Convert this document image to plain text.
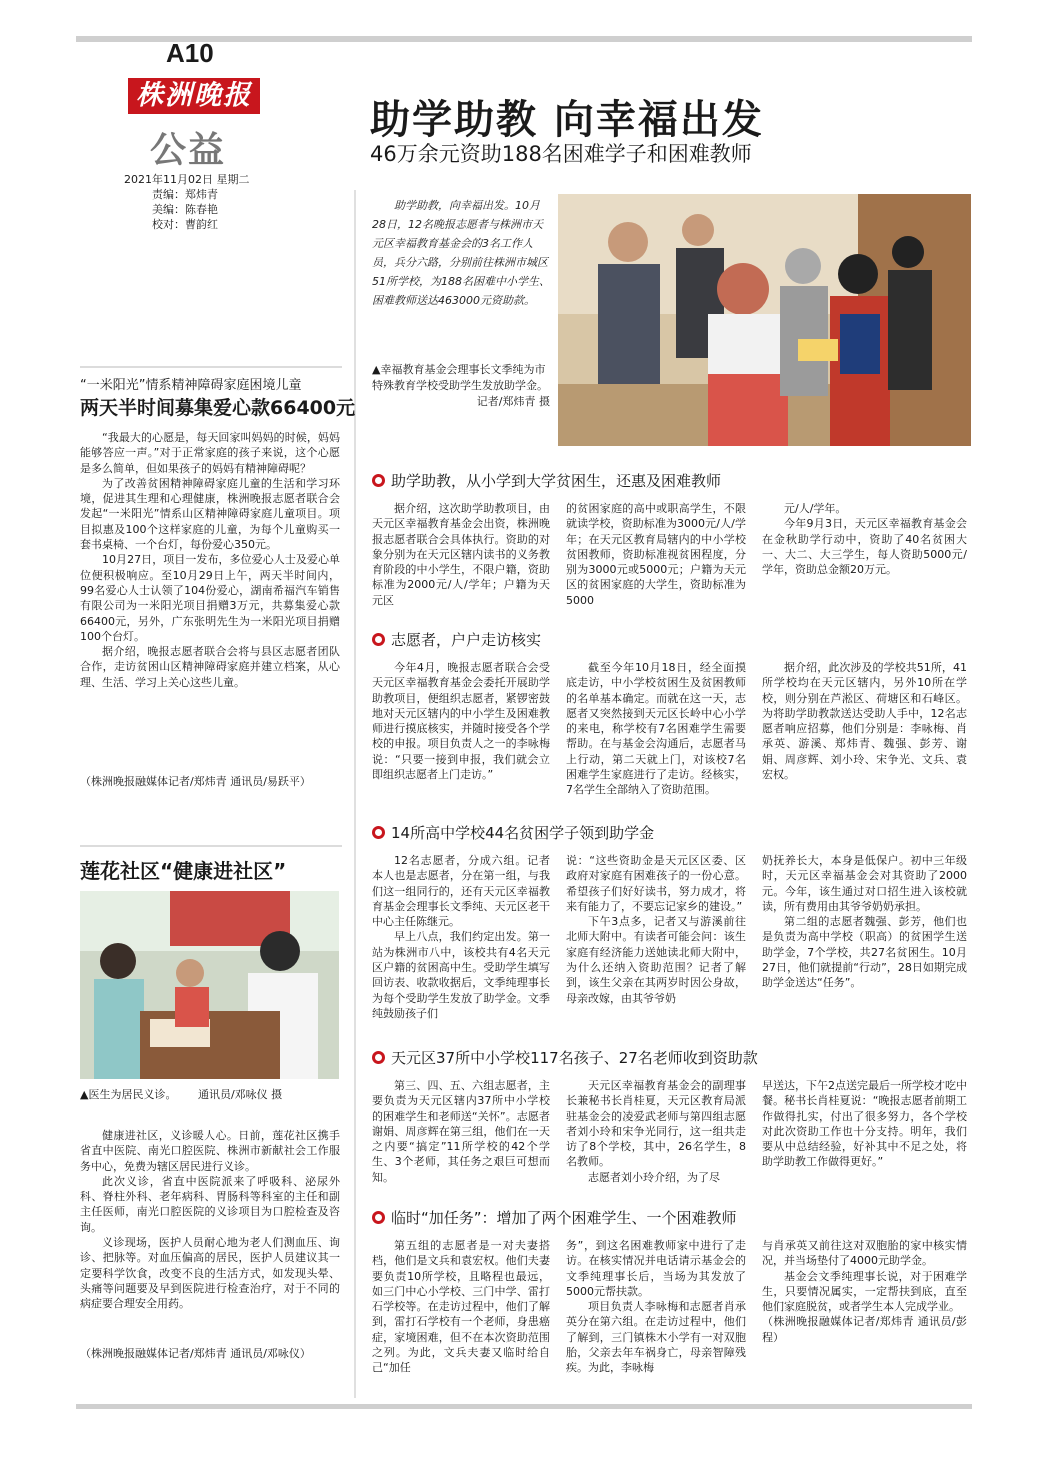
A10
株洲晚报
公益
2021年11月02日 星期二
责编：郑炜青
美编：陈春艳
校对：曹韵红
助学助教 向幸福出发
46万余元资助188名困难学子和困难教师
助学助教，向幸福出发。10月28日，12名晚报志愿者与株洲市天元区幸福教育基金会的3名工作人员，兵分六路，分别前往株洲市城区51所学校，为188名困难中小学生、困难教师送达463000元资助款。
▲幸福教育基金会理事长文季纯为市特殊教育学校受助学生发放助学金。
记者/郑炜青 摄
助学助教，从小学到大学贫困生，还惠及困难教师

据介绍，这次助学助教项目，由天元区幸福教育基金会出资，株洲晚报志愿者联合会具体执行。资助的对象分别为在天元区辖内读书的义务教育阶段的中小学生，不限户籍，资助标准为2000元/人/学年；户籍为天元区

的贫困家庭的高中或职高学生，不限就读学校，资助标准为3000元/人/学年；在天元区教育局辖内的中小学校贫困教师，资助标准视贫困程度，分别为3000元或5000元；户籍为天元区的贫困家庭的大学生，资助标准为5000

元/人/学年。

今年9月3日，天元区幸福教育基金会在金秋助学行动中，资助了40名贫困大一、大二、大三学生，每人资助5000元/学年，资助总金额20万元。

志愿者，户户走访核实

今年4月，晚报志愿者联合会受天元区幸福教育基金会委托开展助学助教项目，便组织志愿者，紧锣密鼓地对天元区辖内的中小学生及困难教师进行摸底核实，并随时接受各个学校的申报。项目负责人之一的李咏梅说：“只要一接到申报，我们就会立即组织志愿者上门走访。”

截至今年10月18日，经全面摸底走访，中小学校贫困生及贫困教师的名单基本确定。而就在这一天，志愿者又突然接到天元区长岭中心小学的来电，称学校有7名困难学生需要帮助。在与基金会沟通后，志愿者马上行动，第二天就上门，对该校7名困难学生家庭进行了走访。经核实，7名学生全部纳入了资助范围。

据介绍，此次涉及的学校共51所，41所学校均在天元区辖内，另外10所在学校，则分别在芦淞区、荷塘区和石峰区。为将助学助教款送达受助人手中，12名志愿者响应招募，他们分别是：李咏梅、肖承英、游溪、郑炜青、魏强、彭芳、谢娟、周彦辉、刘小玲、宋争光、文兵、袁宏权。

14所高中学校44名贫困学子领到助学金

12名志愿者，分成六组。记者本人也是志愿者，分在第一组，与我们这一组同行的，还有天元区幸福教育基金会理事长文季纯、天元区老干中心主任陈继元。

早上八点，我们约定出发。第一站为株洲市八中，该校共有4名天元区户籍的贫困高中生。受助学生填写回访表、收款收据后，文季纯理事长为每个受助学生发放了助学金。文季纯鼓励孩子们

说：“这些资助金是天元区区委、区政府对家庭有困难孩子的一份心意。希望孩子们好好读书，努力成才，将来有能力了，不要忘记家乡的建设。”

下午3点多，记者又与游溪前往北师大附中。有读者可能会问：该生家庭有经济能力送她读北师大附中，为什么还纳入资助范围？记者了解到，该生父亲在其两岁时因公身故，母亲改嫁，由其爷爷奶

奶抚养长大，本身是低保户。初中三年级时，天元区幸福基金会对其资助了2000元。今年，该生通过对口招生进入该校就读，所有费用由其爷爷奶奶承担。

第二组的志愿者魏强、彭芳，他们也是负责为高中学校（职高）的贫困学生送助学金，7个学校，共27名贫困生。10月27日，他们就提前“行动”，28日如期完成助学金送达“任务”。

天元区37所中小学校117名孩子、27名老师收到资助款

第三、四、五、六组志愿者，主要负责为天元区辖内37所中小学校的困难学生和老师送“关怀”。志愿者谢娟、周彦辉在第三组，他们在一天之内要“搞定”11所学校的42个学生、3个老师，其任务之艰巨可想而知。

天元区幸福教育基金会的副理事长兼秘书长肖桂夏，天元区教育局派驻基金会的凌爱武老师与第四组志愿者刘小玲和宋争光同行，这一组共走访了8个学校，其中，26名学生，8名教师。

志愿者刘小玲介绍，为了尽

早送达，下午2点送完最后一所学校才吃中餐。秘书长肖桂夏说：“晚报志愿者前期工作做得扎实，付出了很多努力，各个学校对此次资助工作也十分支持。明年，我们要从中总结经验，好补其中不足之处，将助学助教工作做得更好。”

临时“加任务”：增加了两个困难学生、一个困难教师

第五组的志愿者是一对夫妻搭档，他们是文兵和袁宏权。他们夫妻要负责10所学校，且略程也最远，如三门中心小学校、三门中学、雷打石学校等。在走访过程中，他们了解到，雷打石学校有一个老师，身患癌症，家境困难，但不在本次资助范围之列。为此，文兵夫妻又临时给自己“加任

务”，到这名困难教师家中进行了走访。在核实情况并电话请示基金会的文季纯理事长后，当场为其发放了5000元帮扶款。

项目负责人李咏梅和志愿者肖承英分在第六组。在走访过程中，他们了解到，三门镇株木小学有一对双胞胎，父亲去年车祸身亡，母亲智障残疾。为此，李咏梅

与肖承英又前往这对双胞胎的家中核实情况，并当场垫付了4000元助学金。

基金会文季纯理事长说，对于困难学生，只要情况属实，一定帮扶到底，直至他们家庭脱贫，或者学生本人完成学业。

（株洲晚报融媒体记者/郑炜青 通讯员/彭程）

“一米阳光”情系精神障碍家庭困境儿童
两天半时间募集爱心款66400元

“我最大的心愿是，每天回家叫妈妈的时候，妈妈能够答应一声。”对于正常家庭的孩子来说，这个心愿是多么简单，但如果孩子的妈妈有精神障碍呢？

为了改善贫困精神障碍家庭儿童的生活和学习环境，促进其生理和心理健康，株洲晚报志愿者联合会发起“一米阳光”情系山区精神障碍家庭儿童项目。项目拟惠及100个这样家庭的儿童，为每个儿童购买一套书桌椅、一个台灯，每份爱心350元。

10月27日，项目一发布，多位爱心人士及爱心单位便积极响应。至10月29日上午，两天半时间内，99名爱心人士认领了104份爱心，湖南希福汽车销售有限公司为一米阳光项目捐赠3万元，共募集爱心款66400元，另外，广东张明先生为一米阳光项目捐赠100个台灯。

据介绍，晚报志愿者联合会将与县区志愿者团队合作，走访贫困山区精神障碍家庭并建立档案，从心理、生活、学习上关心这些儿童。

（株洲晚报融媒体记者/郑炜青 通讯员/易跃平）

莲花社区“健康进社区”
▲医生为居民义诊。 通讯员/邓咏仪 摄

健康进社区，义诊暖人心。日前，莲花社区携手省直中医院、南光口腔医院、株洲市新献社会工作服务中心，免费为辖区居民进行义诊。

此次义诊，省直中医院派来了呼吸科、泌尿外科、脊柱外科、老年病科、胃肠科等科室的主任和副主任医师，南光口腔医院的义诊项目为口腔检查及咨询。

义诊现场，医护人员耐心地为老人们测血压、询诊、把脉等。对血压偏高的居民，医护人员建议其一定要科学饮食，改变不良的生活方式，如发现头晕、头痛等问题要及早到医院进行检查治疗，对于不同的病症要合理安全用药。

（株洲晚报融媒体记者/郑炜青 通讯员/邓咏仪）
